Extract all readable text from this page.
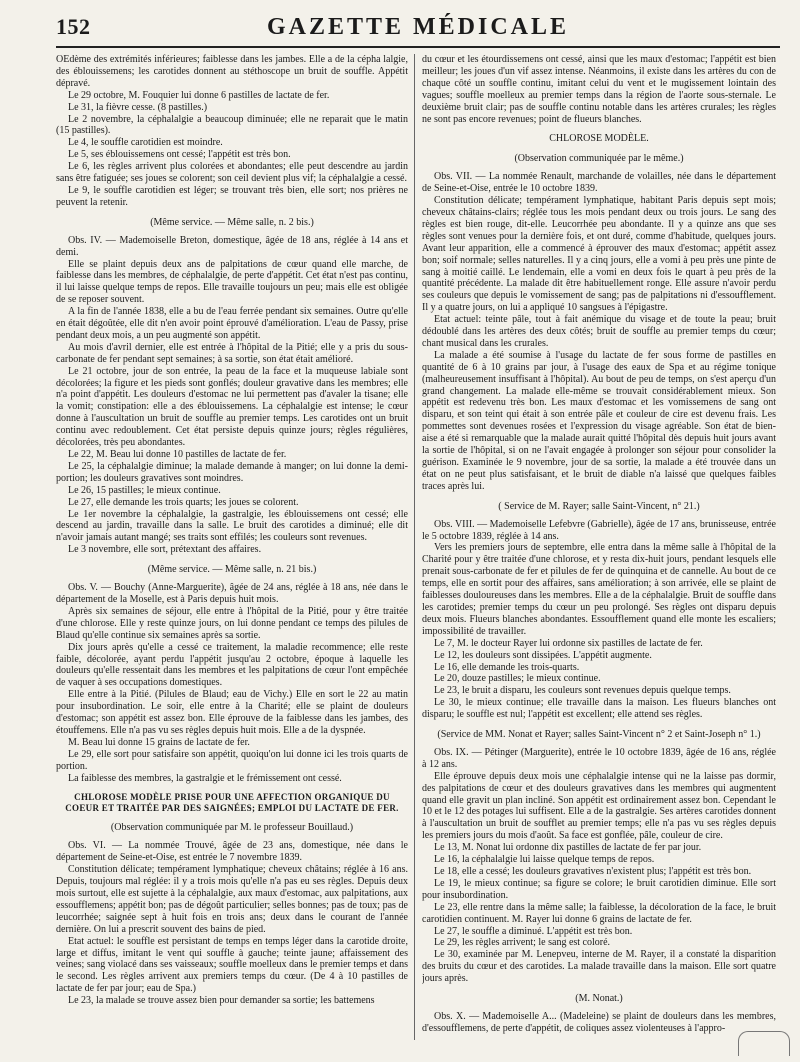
152	GAZETTE MÉDICALE

OEdème des extrémités inférieures; faiblesse dans les jambes. Elle a de la cépha lalgie, des éblouissemens; les carotides donnent au stéthoscope un bruit de souffle. Appétit dépravé.

Le 29 octobre, M. Fouquier lui donne 6 pastilles de lactate de fer.

Le 31, la fièvre cesse. (8 pastilles.)

Le 2 novembre, la céphalalgie a beaucoup diminuée; elle ne reparait que le matin (15 pastilles).

Le 4, le souffle carotidien est moindre.

Le 5, ses éblouissemens ont cessé; l'appétit est très bon.

Le 6, les règles arrivent plus colorées et abondantes; elle peut descendre au jardin sans être fatiguée; ses joues se colorent; son ceil devient plus vif; la céphalalgie a cessé.

Le 9, le souffle carotidien est léger; se trouvant très bien, elle sort; nos prières ne peuvent la retenir.

(Même service. — Même salle, n. 2 bis.)

Obs. IV. — Mademoiselle Breton, domestique, âgée de 18 ans, réglée à 14 ans et demi.

Elle se plaint depuis deux ans de palpitations de cœur quand elle marche, de faiblesse dans les membres, de céphalalgie, de perte d'appétit. Cet état n'est pas continu, il lui laisse quelque temps de repos. Elle travaille toujours un peu; mais elle est obligée de se reposer souvent.

A la fin de l'année 1838, elle a bu de l'eau ferrée pendant six semaines. Outre qu'elle en était dégoûtée, elle dit n'en avoir point éprouvé d'amélioration. L'eau de Passy, prise pendant deux mois, a un peu augmenté son appétit.

Au mois d'avril dernier, elle est entrée à l'hôpital de la Pitié; elle y a pris du sous-carbonate de fer pendant sept semaines; à sa sortie, son état était amélioré.

Le 21 octobre, jour de son entrée, la peau de la face et la muqueuse labiale sont décolorées; la figure et les pieds sont gonflés; douleur gravative dans les membres; elle n'a point d'appétit. Les douleurs d'estomac ne lui permettent pas d'avaler la tisane; elle la vomit; constipation: elle a des éblouissemens. La céphalalgie est intense; le cœur donne à l'auscultation un bruit de souffle au premier temps. Les carotides ont un bruit continu avec redoublement. Cet état persiste depuis quinze jours; règles régulières, décolorées, très peu abondantes.

Le 22, M. Beau lui donne 10 pastilles de lactate de fer.

Le 25, la céphalalgie diminue; la malade demande à manger; on lui donne la demi-portion; les douleurs gravatives sont moindres.

Le 26, 15 pastilles; le mieux continue.

Le 27, elle demande les trois quarts; les joues se colorent.

Le 1er novembre la céphalalgie, la gastralgie, les éblouissemens ont cessé; elle descend au jardin, travaille dans la salle. Le bruit des carotides a diminué; elle dit n'avoir jamais autant mangé; ses traits sont effilés; les couleurs sont revenues.

Le 3 novembre, elle sort, prétextant des affaires.

(Même service. — Même salle, n. 21 bis.)

Obs. V. — Bouchy (Anne-Marguerite), âgée de 24 ans, réglée à 18 ans, née dans le département de la Moselle, est à Paris depuis huit mois.

Après six semaines de séjour, elle entre à l'hôpital de la Pitié, pour y être traitée d'une chlorose. Elle y reste quinze jours, on lui donne pendant ce temps des pilules de Blaud qu'elle continue six semaines après sa sortie.

Dix jours après qu'elle a cessé ce traitement, la maladie recommence; elle reste faible, décolorée, ayant perdu l'appétit jusqu'au 2 octobre, époque à laquelle les douleurs qu'elle ressentait dans les membres et les palpitations de cœur l'ont empêchée de vaquer à ses occupations domestiques.

Elle entre à la Pitié. (Pilules de Blaud; eau de Vichy.) Elle en sort le 22 au matin pour insubordination. Le soir, elle entre à la Charité; elle se plaint de douleurs d'estomac; son appétit est assez bon. Elle éprouve de la faiblesse dans les jambes, des étouffemens. Elle n'a pas vu ses règles depuis huit mois. Elle a de la dyspnée.

M. Beau lui donne 15 grains de lactate de fer.

Le 29, elle sort pour satisfaire son appétit, quoiqu'on lui donne ici les trois quarts de portion.

La faiblesse des membres, la gastralgie et le frémissement ont cessé.

CHLOROSE MODÈLE PRISE POUR UNE AFFECTION ORGANIQUE DU COEUR ET TRAITÉE PAR DES SAIGNÉES; EMPLOI DU LACTATE DE FER.

(Observation communiquée par M. le professeur Bouillaud.)

Obs. VI. — La nommée Trouvé, âgée de 23 ans, domestique, née dans le département de Seine-et-Oise, est entrée le 7 novembre 1839.

Constitution délicate; tempérament lymphatique; cheveux châtains; réglée à 16 ans. Depuis, toujours mal réglée: il y a trois mois qu'elle n'a pas eu ses règles. Depuis deux mois surtout, elle est sujette à la céphalalgie, aux maux d'estomac, aux palpitations, aux essoufflemens; appétit bon; pas de dégoût particulier; selles bonnes; pas de toux; pas de leucorrhée; saignée sept à huit fois en trois ans; deux dans le courant de l'année dernière. On lui a prescrit souvent des bains de pied.

Etat actuel: le souffle est persistant de temps en temps léger dans la carotide droite, large et diffus, imitant le vent qui souffle à gauche; teinte jaune; affaissement des veines; sang violacé dans ses vaisseaux; souffle moelleux dans le premier temps et dans le second. Les règles arrivent aux premiers temps du cœur. (De 4 à 10 pastilles de lactate de fer par jour; eau de Spa.)

Le 23, la malade se trouve assez bien pour demander sa sortie; les battemens

du cœur et les étourdissemens ont cessé, ainsi que les maux d'estomac; l'appétit est bien meilleur; les joues d'un vif assez intense. Néanmoins, il existe dans les artères du con de chaque côté un souffle continu, imitant celui du vent et le mugissement lointain des vagues; souffle moelleux au premier temps dans la région de l'aorte sous-sternale. Le deuxième bruit clair; pas de souffle continu notable dans les artères crurales; les règles ne sont pas encore revenues; point de flueurs blanches.

CHLOROSE MODÈLE.

(Observation communiquée par le même.)

Obs. VII. — La nommée Renault, marchande de volailles, née dans le département de Seine-et-Oise, entrée le 10 octobre 1839.

Constitution délicate; tempérament lymphatique, habitant Paris depuis sept mois; cheveux châtains-clairs; réglée tous les mois pendant deux ou trois jours. Le sang des règles est bien rouge, dit-elle. Leucorrhée peu abondante. Il y a quinze ans que ses règles sont venues pour la dernière fois, et ont duré, comme d'habitude, quelques jours. Avant leur apparition, elle a commencé à éprouver des maux d'estomac; appétit assez bon; soif normale; selles naturelles. Il y a cinq jours, elle a vomi à peu près une pinte de sang à moitié caillé. Le lendemain, elle a vomi en deux fois le quart à peu près de la quantité précédente. La malade dit être habituellement ronge. Elle assure n'avoir perdu ses couleurs que depuis le vomissement de sang; pas de palpitations ni d'essoufflement. Il y a quatre jours, on lui a appliqué 10 sangsues à l'épigastre.

Etat actuel: teinte pâle, tout à fait anémique du visage et de toute la peau; bruit dédoublé dans les artères des deux côtés; bruit de souffle au premier temps du cœur; chant musical dans les crurales.

La malade a été soumise à l'usage du lactate de fer sous forme de pastilles en quantité de 6 à 10 grains par jour, à l'usage des eaux de Spa et au régime tonique (malheureusement insuffisant à l'hôpital). Au bout de peu de temps, on s'est aperçu d'un grand changement. La malade elle-même se trouvait considérablement mieux. Son appétit est redevenu très bon. Les maux d'estomac et les vomissemens de sang ont disparu, et son teint qui était à son entrée pâle et couleur de cire est devenu frais. Les pommettes sont devenues rosées et l'expression du visage agréable. Son état de bien-aise a été si remarquable que la malade aurait quitté l'hôpital dès depuis huit jours avant la sortie de l'hôpital, si on ne l'avait engagée à prolonger son séjour pour consolider la guérison. Examinée le 9 novembre, jour de sa sortie, la malade a été trouvée dans un état on ne peut plus satisfaisant, et le bruit de diable n'a laissé que quelques faibles traces après lui.

( Service de M. Rayer; salle Saint-Vincent, n° 21.)

Obs. VIII. — Mademoiselle Lefebvre (Gabrielle), âgée de 17 ans, brunisseuse, entrée le 5 octobre 1839, réglée à 14 ans.

Vers les premiers jours de septembre, elle entra dans la même salle à l'hôpital de la Charité pour y être traitée d'une chlorose, et y resta dix-huit jours, pendant lesquels elle prenait sous-carbonate de fer et pilules de fer de quinquina et de cannelle. Au bout de ce temps, elle en sortit pour des affaires, sans amélioration; à son arrivée, elle se plaint de faiblesses douloureuses dans les membres. Elle a de la céphalalgie. Bruit de souffle dans les carotides; premier temps du cœur un peu prolongé. Ses règles ont disparu depuis deux mois. Flueurs blanches abondantes. Essoufflement quand elle monte les escaliers; impossibilité de travailler.

Le 7, M. le docteur Rayer lui ordonne six pastilles de lactate de fer.

Le 12, les douleurs sont dissipées. L'appétit augmente.

Le 16, elle demande les trois-quarts.

Le 20, douze pastilles; le mieux continue.

Le 23, le bruit a disparu, les couleurs sont revenues depuis quelque temps.

Le 30, le mieux continue; elle travaille dans la maison. Les flueurs blanches ont disparu; le souffle est nul; l'appétit est excellent; elle attend ses règles.

(Service de MM. Nonat et Rayer; salles Saint-Vincent n° 2 et Saint-Joseph n° 1.)

Obs. IX. — Pétinger (Marguerite), entrée le 10 octobre 1839, âgée de 16 ans, réglée à 12 ans.

Elle éprouve depuis deux mois une céphalalgie intense qui ne la laisse pas dormir, des palpitations de cœur et des douleurs gravatives dans les membres qui augmentent quand elle gravit un plan incliné. Son appétit est ordinairement assez bon. Cependant le 10 et le 12 des potages lui suffisent. Elle a de la gastralgie. Ses artères carotides donnent à l'auscultation un bruit de soufflet au premier temps; elle n'a pas vu ses règles depuis les premiers jours du mois d'août. Sa face est gonflée, pâle, couleur de cire.

Le 13, M. Nonat lui ordonne dix pastilles de lactate de fer par jour.

Le 16, la céphalalgie lui laisse quelque temps de repos.

Le 18, elle a cessé; les douleurs gravatives n'existent plus; l'appétit est très bon.

Le 19, le mieux continue; sa figure se colore; le bruit carotidien diminue. Elle sort pour insubordination.

Le 23, elle rentre dans la même salle; la faiblesse, la décoloration de la face, le bruit carotidien continuent. M. Rayer lui donne 6 grains de lactate de fer.

Le 27, le souffle a diminué. L'appétit est très bon.

Le 29, les règles arrivent; le sang est coloré.

Le 30, examinée par M. Lenepveu, interne de M. Rayer, il a constaté la disparition des bruits du cœur et des carotides. La malade travaille dans la maison. Elle sort quatre jours après.

(M. Nonat.)

Obs. X. — Mademoiselle A... (Madeleine) se plaint de douleurs dans les membres, d'essoufflemens, de perte d'appétit, de coliques assez violenteuses à l'appro-
